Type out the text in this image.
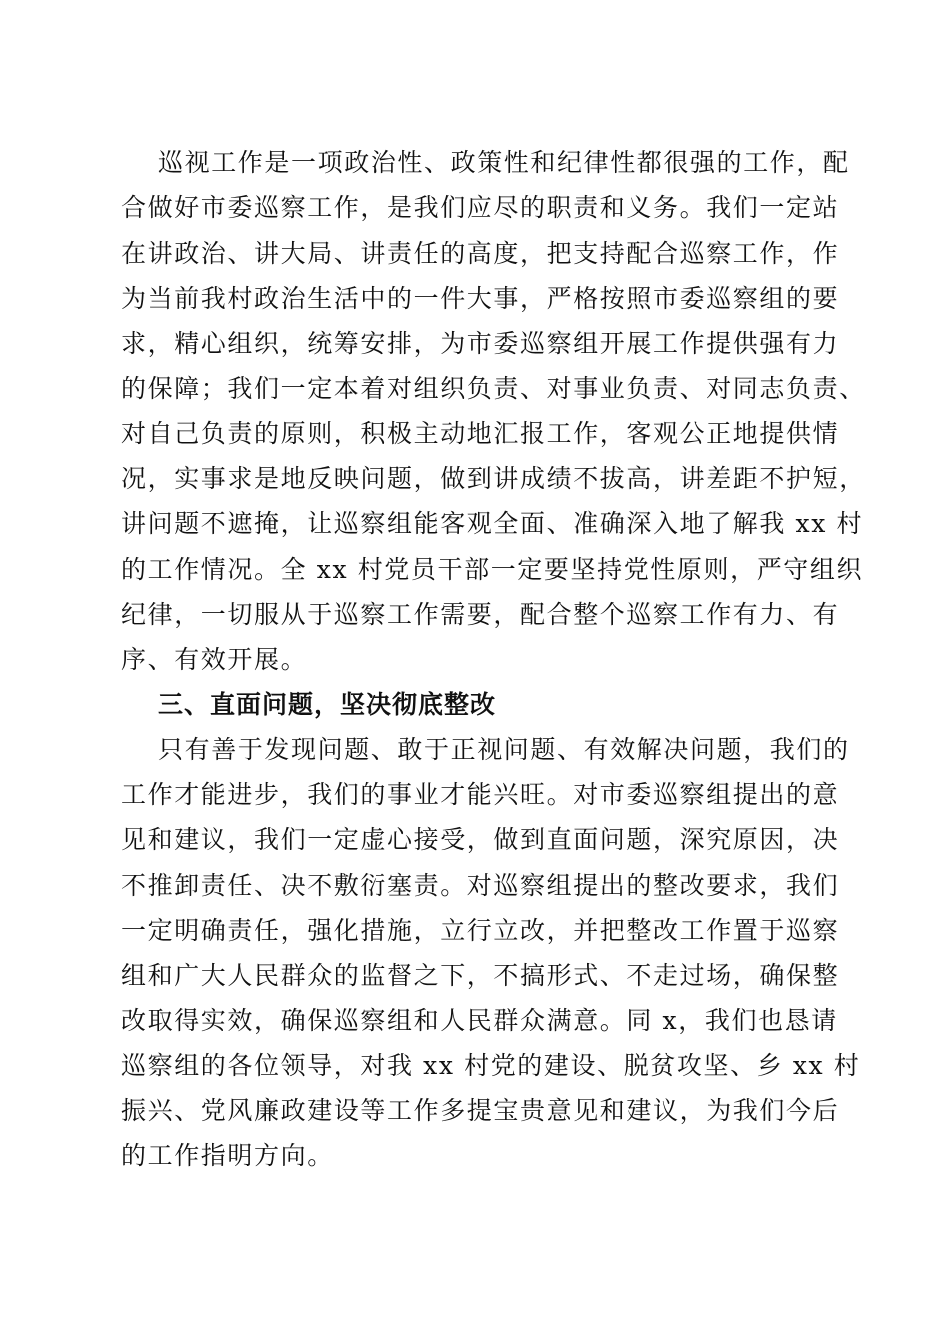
巡视工作是一项政治性、政策性和纪律性都很强的工作，配
合做好市委巡察工作，是我们应尽的职责和义务。我们一定站
在讲政治、讲大局、讲责任的高度，把支持配合巡察工作，作
为当前我村政治生活中的一件大事，严格按照市委巡察组的要
求，精心组织，统筹安排，为市委巡察组开展工作提供强有力
的保障；我们一定本着对组织负责、对事业负责、对同志负责、
对自己负责的原则，积极主动地汇报工作，客观公正地提供情
况，实事求是地反映问题，做到讲成绩不拔高，讲差距不护短，
讲问题不遮掩，让巡察组能客观全面、准确深入地了解我 xx 村
的工作情况。全 xx 村党员干部一定要坚持党性原则，严守组织
纪律，一切服从于巡察工作需要，配合整个巡察工作有力、有
序、有效开展。
三、直面问题，坚决彻底整改
只有善于发现问题、敢于正视问题、有效解决问题，我们的
工作才能进步，我们的事业才能兴旺。对市委巡察组提出的意
见和建议，我们一定虚心接受，做到直面问题，深究原因，决
不推卸责任、决不敷衍塞责。对巡察组提出的整改要求，我们
一定明确责任，强化措施，立行立改，并把整改工作置于巡察
组和广大人民群众的监督之下，不搞形式、不走过场，确保整
改取得实效，确保巡察组和人民群众满意。同 x，我们也恳请
巡察组的各位领导，对我 xx 村党的建设、脱贫攻坚、乡 xx 村
振兴、党风廉政建设等工作多提宝贵意见和建议，为我们今后
的工作指明方向。
